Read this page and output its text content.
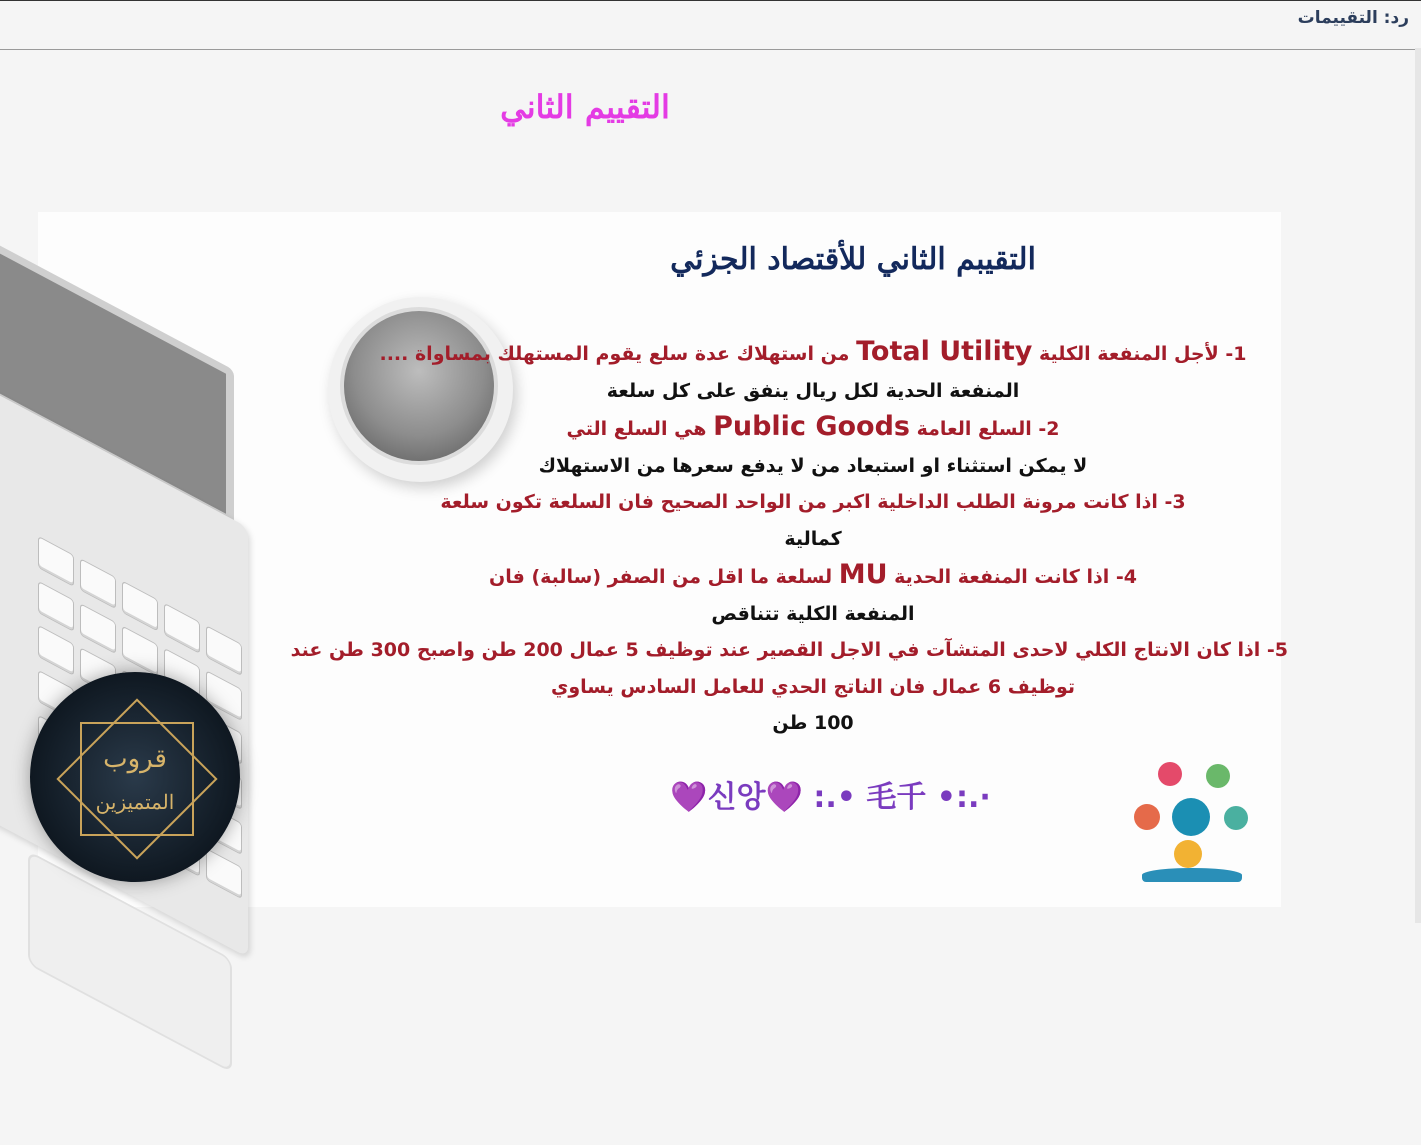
رد: التقييمات
التقييم الثاني
قروب
المتميزين
التقيبم الثاني للأقتصاد الجزئي
1- لأجل المنفعة الكلية Total Utility من استهلاك عدة سلع يقوم المستهلك بمساواة ....
المنفعة الحدية لكل ريال ينفق على كل سلعة
2- السلع العامة Public Goods هي السلع التي
لا يمكن استثناء او استبعاد من لا يدفع سعرها من الاستهلاك
3- اذا كانت مرونة الطلب الداخلية اكبر من الواحد الصحيح فان السلعة تكون سلعة
كمالية
4- اذا كانت المنفعة الحدية MU لسلعة ما اقل من الصفر (سالبة) فان
المنفعة الكلية تتناقص
5- اذا كان الانتاج الكلي لاحدى المتشآت في الاجل القصير عند توظيف 5 عمال 200 طن واصبح 300 طن عند
توظيف 6 عمال فان الناتج الحدي للعامل السادس يساوي
100 طن
💜신앙💜 :.• 毛千 •:.·
